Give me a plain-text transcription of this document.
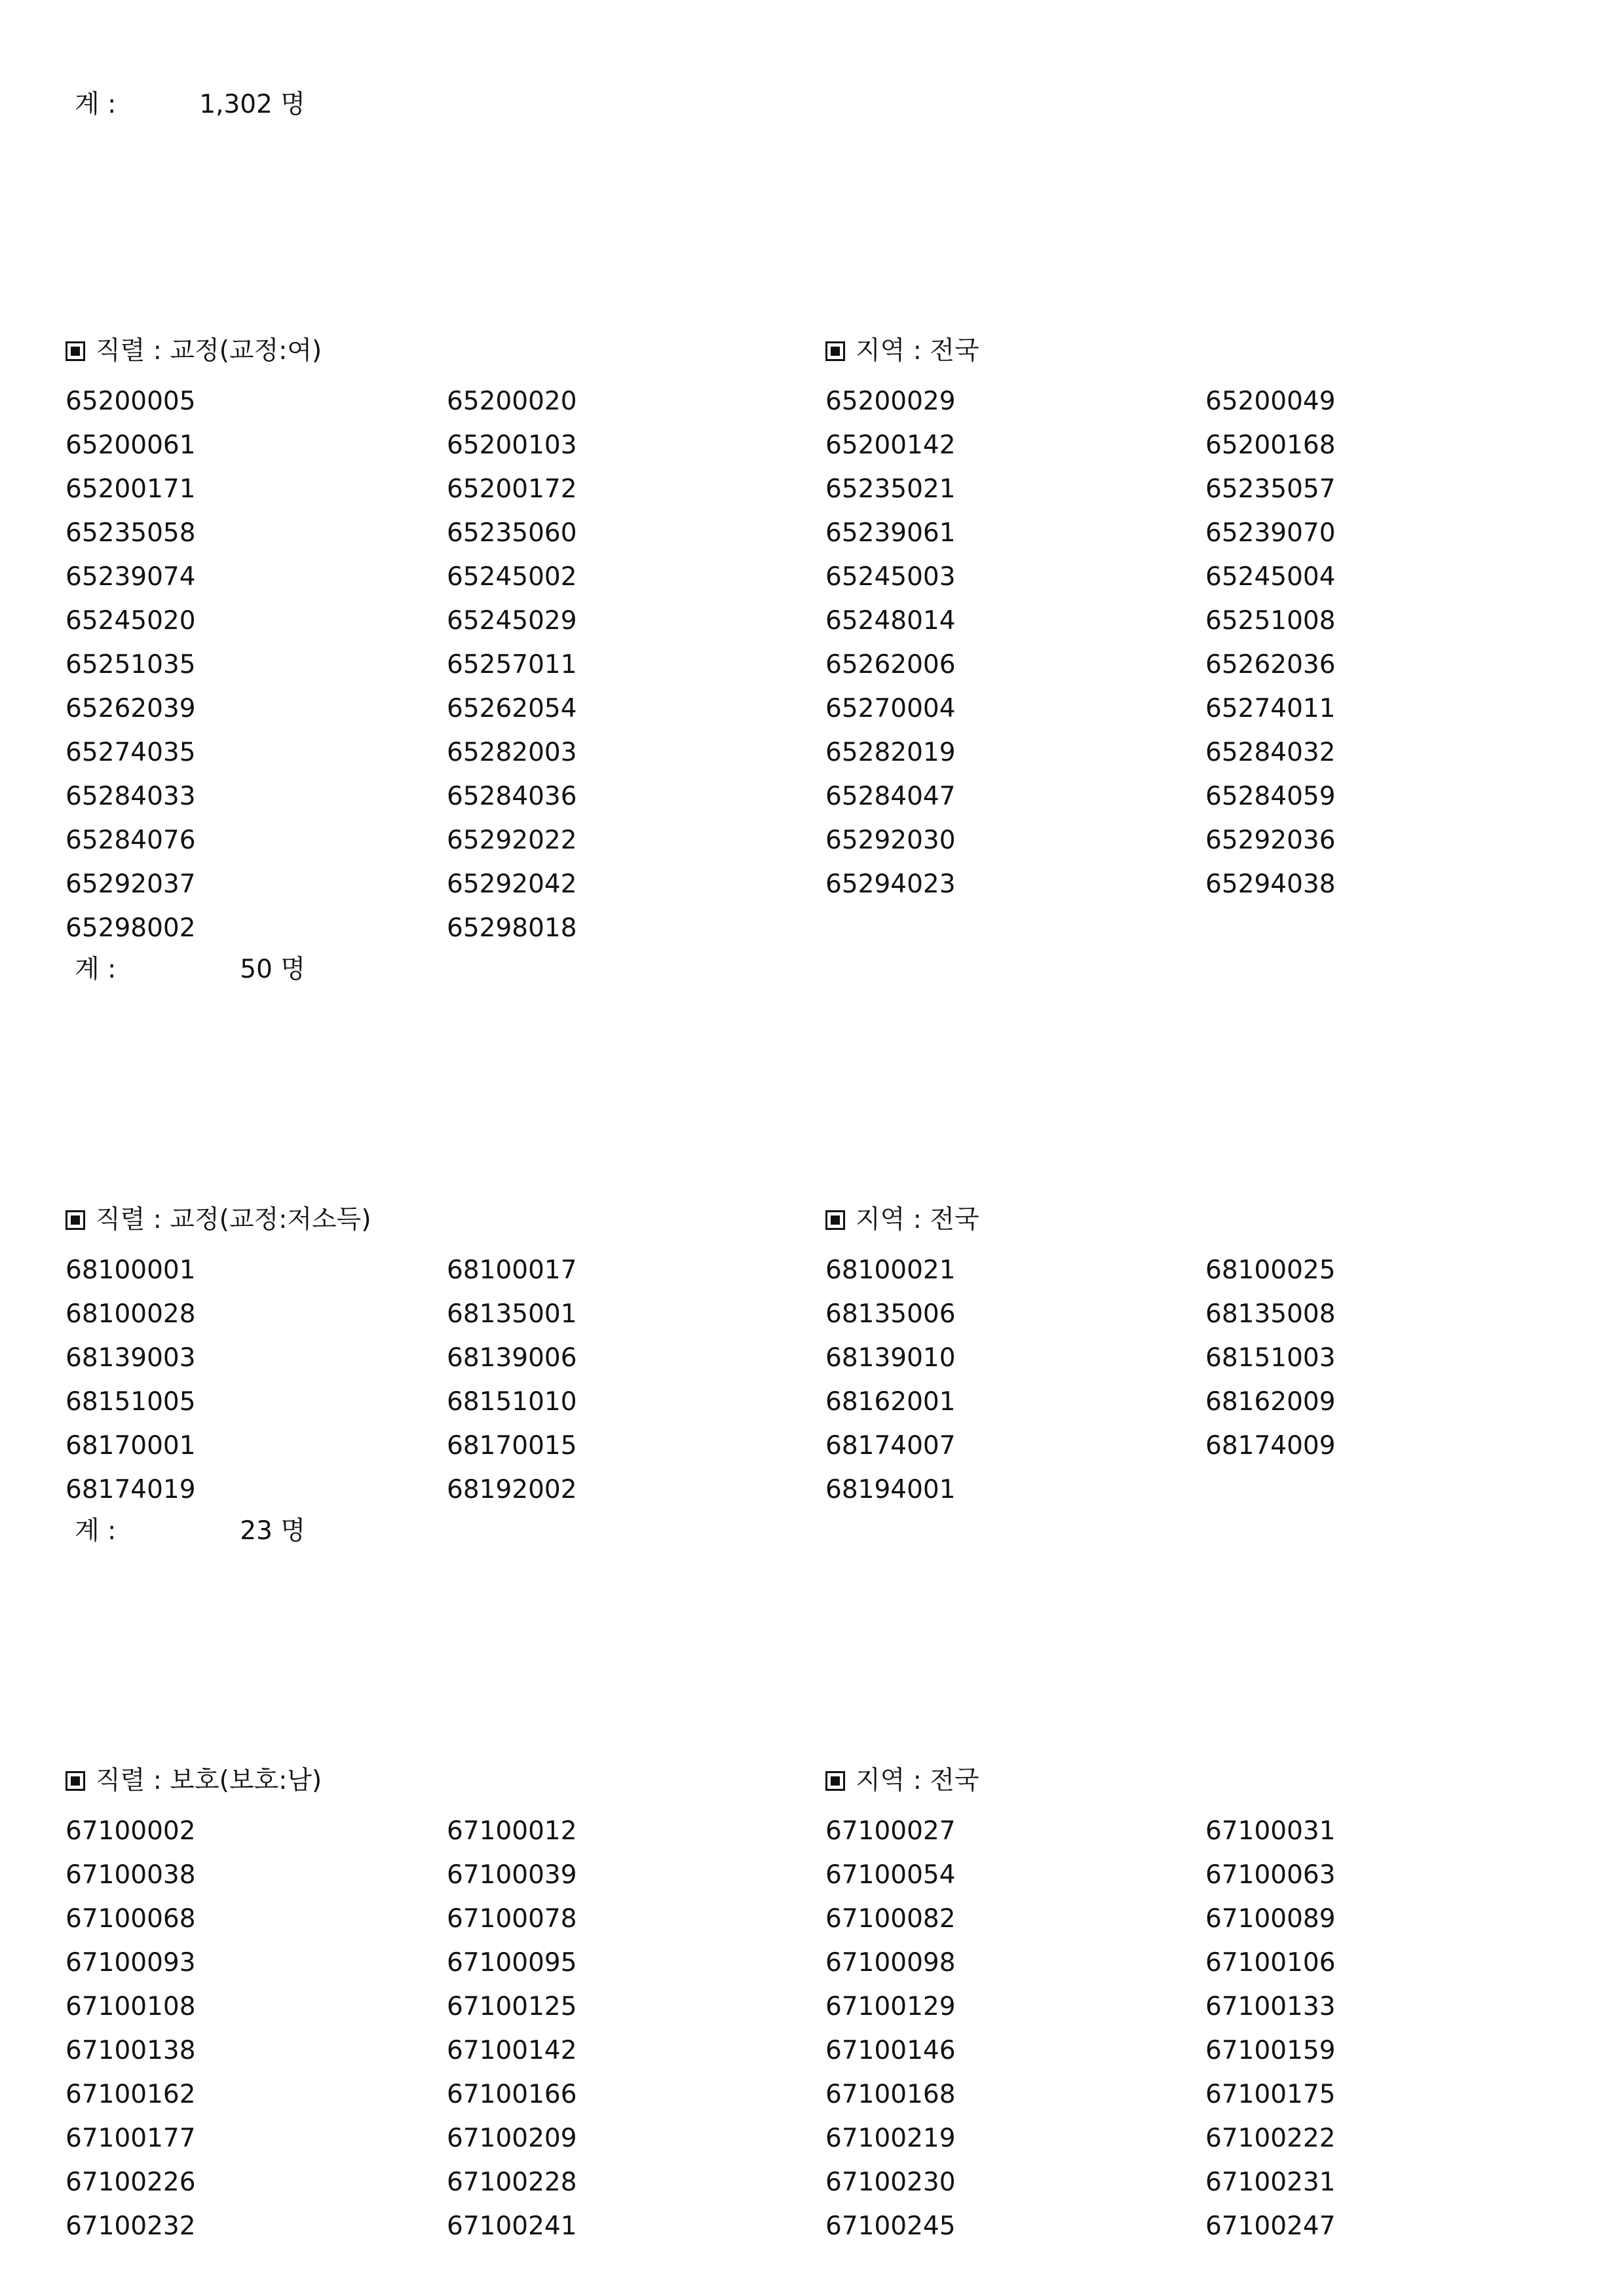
계 :	1,302 명
직렬 : 교정(교정:여)	지역 : 전국
65200005	65200020	65200029	65200049
65200061	65200103	65200142	65200168
65200171	65200172	65235021	65235057
65235058	65235060	65239061	65239070
65239074	65245002	65245003	65245004
65245020	65245029	65248014	65251008
65251035	65257011	65262006	65262036
65262039	65262054	65270004	65274011
65274035	65282003	65282019	65284032
65284033	65284036	65284047	65284059
65284076	65292022	65292030	65292036
65292037	65292042	65294023	65294038
65298002	65298018
계 :	50 명
직렬 : 교정(교정:저소득)	지역 : 전국
68100001	68100017	68100021	68100025
68100028	68135001	68135006	68135008
68139003	68139006	68139010	68151003
68151005	68151010	68162001	68162009
68170001	68170015	68174007	68174009
68174019	68192002	68194001
계 :	23 명
직렬 : 보호(보호:남)	지역 : 전국
67100002	67100012	67100027	67100031
67100038	67100039	67100054	67100063
67100068	67100078	67100082	67100089
67100093	67100095	67100098	67100106
67100108	67100125	67100129	67100133
67100138	67100142	67100146	67100159
67100162	67100166	67100168	67100175
67100177	67100209	67100219	67100222
67100226	67100228	67100230	67100231
67100232	67100241	67100245	67100247
